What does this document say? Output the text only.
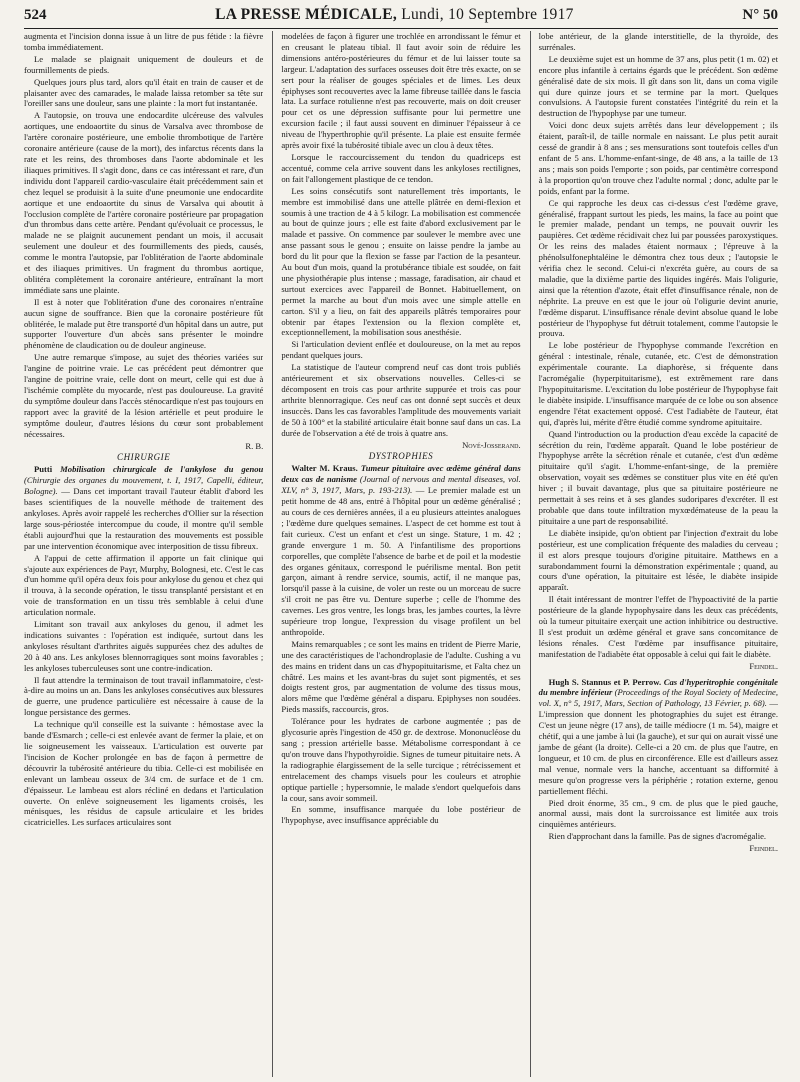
524	LA PRESSE MÉDICALE, Lundi, 10 Septembre 1917	N° 50

augmenta et l'incision donna issue à un litre de pus fétide : la fièvre tomba immédiatement.

Le malade se plaignait uniquement de douleurs et de fourmillements de pieds.

Quelques jours plus tard, alors qu'il était en train de causer et de plaisanter avec des camarades, le malade laissa retomber sa tête sur l'oreiller sans une douleur, sans une plainte : la mort fut instantanée.

A l'autopsie, on trouva une endocardite ulcéreuse des valvules aortiques, une endoaortite du sinus de Varsalva avec thrombose de l'artère coronaire postérieure, une embolie thrombotique de l'artère coronaire antérieure (cause de la mort), des infarctus récents dans la rate et les reins, des thromboses dans l'aorte abdominale et les iliaques primitives. Il s'agit donc, dans ce cas intéressant et rare, d'un individu dont l'appareil cardio-vasculaire était précédemment sain et chez lequel se produisit à la suite d'une pneumonie une endocardite aortique et une endoaortite du sinus de Varsalva qui aboutit à l'occlusion complète de l'artère coronaire postérieure par propagation d'un thrombus dans cette artère. Pendant qu'évoluait ce processus, le malade ne se plaignit aucunement pendant un mois, il accusait seulement une douleur et des fourmillements des pieds, causés, comme le montra l'autopsie, par l'oblitération de l'aorte abdominale et des iliaques primitives. Un fragment du thrombus aortique, oblitéra complètement la coronaire antérieure, entraînant la mort immédiate sans une plainte.

Il est à noter que l'oblitération d'une des coronaires n'entraîne aucun signe de souffrance. Bien que la coronaire postérieure fût oblitérée, le malade put être transporté d'un hôpital dans un autre, put supporter l'ouverture d'un abcès sans présenter le moindre phénomène de claudication ou de douleur angineuse.

Une autre remarque s'impose, au sujet des théories variées sur l'angine de poitrine vraie. Le cas précédent peut démontrer que l'angine de poitrine vraie, celle dont on meurt, celle qui est due à l'ischémie complète du myocarde, n'est pas douloureuse. La gravité du symptôme douleur dans l'accès sténocardique n'est pas toujours en rapport avec la gravité de la lésion artérielle et peut produire le symptôme douleur, d'autres lésions du cœur sont probablement nécessaires.

R. B.

CHIRURGIE

Putti Mobilisation chirurgicale de l'ankylose du genou (Chirurgie des organes du mouvement, t. I, 1917, Capelli, éditeur, Bologne). — Dans cet important travail l'auteur établit d'abord les bases scientifiques de la nouvelle méthode de traitement des ankyloses. Après avoir rappelé les recherches d'Ollier sur la résection large sous-périostée intercompue du coude, il montre qu'il semble établi aujourd'hui que la restauration des mouvements est possible par une intervention économique avec interposition de tissu fibreux.

A l'appui de cette affirmation il apporte un fait clinique qui s'ajoute aux expériences de Payr, Murphy, Bolognesi, etc. C'est le cas d'un homme qu'il opéra deux fois pour ankylose du genou et chez qui il trouva, à la seconde opération, le tissu transplanté persistant et en voie de transformation en un tissu très semblable à celui d'une articulation normale.

Limitant son travail aux ankyloses du genou, il admet les indications suivantes : l'opération est indiquée, surtout dans les ankyloses résultant d'arthrites aiguës suppurées chez des adultes de 20 à 40 ans. Les ankyloses blennorragiques sont moins favorables ; les ankyloses tuberculeuses sont une contre-indication.

Il faut attendre la terminaison de tout travail inflammatoire, c'est-à-dire au moins un an. Dans les ankyloses consécutives aux blessures de guerre, une prudence particulière est nécessaire à cause de la longue persistance des germes.

La technique qu'il conseille est la suivante : hémostase avec la bande d'Esmarch ; celle-ci est enlevée avant de fermer la plaie, et on lie soigneusement les vaisseaux. L'articulation est ouverte par l'incision de Kocher prolongée en bas de façon à permettre de découvrir la tubérosité antérieure du tibia. Celle-ci est mobilisée en enlevant un lambeau osseux de 3/4 cm. de surface et de 1 cm. d'épaisseur. Le lambeau est alors récliné en dedans et l'articulation ouverte. On enlève soigneusement les ligaments croisés, les ménisques, les résidus de capsule articulaire et les brides cicatricielles. Les surfaces articulaires sont

modelées de façon à figurer une trochlée en arrondissant le fémur et en creusant le plateau tibial. Il faut avoir soin de réduire les dimensions antéro-postérieures du fémur et de lui laisser toute sa largeur. L'adaptation des surfaces osseuses doit être très exacte, on se sert pour la réaliser de gouges spéciales et de limes. Les deux épiphyses sont recouvertes avec la lame fibreuse taillée dans le fascia lata. La surface rotulienne n'est pas recouverte, mais on doit creuser pour cet os une dépression suffisante pour lui permettre une excursion facile ; il faut aussi souvent en diminuer l'épaisseur à ce niveau de l'hyperthrophie qu'il présente. La plaie est ensuite fermée après avoir fixé la tubérosité tibiale avec un clou à deux têtes.

Lorsque le raccourcissement du tendon du quadriceps est accentué, comme cela arrive souvent dans les ankyloses rectilignes, on fait l'allongement plastique de ce tendon.

Les soins consécutifs sont naturellement très importants, le membre est immobilisé dans une attelle plâtrée en demi-flexion et soumis à une traction de 4 à 5 kilogr. La mobilisation est commencée au bout de quinze jours ; elle est faite d'abord exclusivement par le malade et passive. On commence par soulever le membre avec une anse passant sous le genou ; ensuite on laisse pendre la jambe au bord du lit pour que la flexion se fasse par l'action de la pesanteur. Au bout d'un mois, quand la protubérance tibiale est soudée, on fait une physiothérapie plus intense ; massage, faradisation, air chaud et surtout exercices avec l'appareil de Bonnet. Habituellement, on permet la marche au bout d'un mois avec une simple attelle en carton. S'il y a lieu, on fait des appareils plâtrés temporaires pour obtenir par étapes l'extension ou la flexion complète et, exceptionnellement, la mobilisation sous anesthésie.

Si l'articulation devient enflée et douloureuse, on la met au repos pendant quelques jours.

La statistique de l'auteur comprend neuf cas dont trois publiés antérieurement et six observations nouvelles. Celles-ci se décomposent en trois cas pour arthrite suppurée et trois cas pour arthrite blennorragique. Ces neuf cas ont donné sept succès et deux insuccès. Dans les cas favorables l'amplitude des mouvements variait de 50 à 100° et la stabilité articulaire était bonne sauf dans un cas. La durée de l'observation a été de trois à quatre ans.

Nové-Josserand.

DYSTROPHIES

Walter M. Kraus. Tumeur pituitaire avec œdème général dans deux cas de nanisme (Journal of nervous and mental diseases, vol. XLV, n° 3, 1917, Mars, p. 193-213). — Le premier malade est un petit homme de 48 ans, entré à l'hôpital pour un œdème généralisé ; au cours de ces dernières années, il a eu plusieurs atteintes analogues ; l'œdème dure quelques semaines. L'aspect de cet homme est tout à fait curieux. C'est un enfant et c'est un singe. Stature, 1 m. 42 ; grande envergure 1 m. 50. A l'infantilisme des proportions corporelles, que complète l'absence de barbe et de poil et la modestie des organes génitaux, correspond le puérilisme mental. Bon petit garçon, aimant à rendre service, soumis, actif, il ne manque pas, lorsqu'il passe à la cuisine, de voler un reste ou un morceau de sucre s'il croit ne pas être vu. Denture superbe ; celle de l'homme des cavernes. Les gros ventre, les longs bras, les jambes courtes, la lèvre supérieure trop longue, l'expression du visage profilent un bel anthropoïde.

Mains remarquables ; ce sont les mains en trident de Pierre Marie, une des caractéristiques de l'achondroplasie de l'adulte. Cushing a vu des mains en trident dans un cas d'hypopituitarisme, et Falta chez un châtré. Les mains et les avant-bras du sujet sont pigmentés, et ses doigts restent gros, par augmentation de volume des tissus mous, alors même que l'œdème général a disparu. Epiphyses non soudées. Pieds massifs, raccourcis, gros.

Tolérance pour les hydrates de carbone augmentée ; pas de glycosurie après l'ingestion de 450 gr. de dextrose. Mononucléose du sang ; pression artérielle basse. Métabolisme correspondant à ce qu'on trouve dans l'hypothyroïdie. Signes de tumeur pituitaire nets. A la radiographie élargissement de la selle turcique ; rétrécissement et entrelacement des champs visuels pour les couleurs et atrophie optique partielle ; hypersomnie, le malade s'endort quelquefois dans la cour, sans avoir sommeil.

En somme, insuffisance marquée du lobe postérieur de l'hypophyse, avec insuffisance appréciable du

lobe antérieur, de la glande interstitielle, de la thyroïde, des surrénales.

Le deuxième sujet est un homme de 37 ans, plus petit (1 m. 02) et encore plus infantile à certains égards que le précédent. Son œdème généralisé date de six mois. Il gît dans son lit, dans un coma vigile qui dure quinze jours et se termine par la mort. Quelques convulsions. A l'autopsie furent constatées l'intégrité du rein et la destruction de l'hypophyse par une tumeur.

Voici donc deux sujets arrêtés dans leur développement ; ils étaient, paraît-il, de taille normale en naissant. Le plus petit aurait cessé de grandir à 8 ans ; ses mensurations sont toutefois celles d'un enfant de 5 ans. L'homme-enfant-singe, de 48 ans, a la taille de 13 ans ; mais son poids l'emporte ; son poids, par centimètre correspond à la proportion qu'on trouve chez l'adulte normal ; donc, adulte par le poids, enfant par la forme.

Ce qui rapproche les deux cas ci-dessus c'est l'œdème grave, généralisé, frappant surtout les pieds, les mains, la face au point que le premier malade, pendant un temps, ne pouvait ouvrir les paupières. Cet œdème récidivait chez lui par poussées paroxystiques. Or les reins des malades étaient normaux ; l'épreuve à la phénolsulfonephtaléine le démontra chez tous deux ; l'autopsie le vérifia chez le second. Celui-ci n'excréta guère, au cours de sa maladie, que la dixième partie des liquides ingérés. Mais l'oligurie, ainsi que la rétention d'azote, était effet d'insuffisance rénale, non de néphrite. La preuve en est que le jour où l'oligurie devint anurie, l'œdème disparut. L'insuffisance rénale devint absolue quand le lobe postérieur de l'hypophyse fut détruit totalement, comme l'autopsie le prouva.

Le lobe postérieur de l'hypophyse commande l'excrétion en général : intestinale, rénale, cutanée, etc. C'est de démonstration expérimentale courante. La diaphorèse, si fréquente dans l'acromégalie (hyperpituitarisme), est extrêmement rare dans l'hypopituitarisme. L'excitation du lobe postérieur de l'hypophyse fait le diabète insipide. L'insuffisance marquée de ce lobe ou son absence engendre l'état exactement opposé. C'est l'adiabète de l'auteur, état qui, d'après lui, mérite d'être étudié comme syndrome apituitaire.

Quand l'introduction ou la production d'eau excède la capacité de sécrétion du rein, l'œdème apparaît. Quand le lobe postérieur de l'hypophyse arrête la sécrétion rénale et cutanée, c'est d'un œdème pituitaire qu'il s'agit. L'homme-enfant-singe, de la première observation, voyait ses œdèmes se constituer plus vite en été qu'en hiver ; il buvait davantage, plus que sa pituitaire postérieure ne permettait à ses reins et à ses glandes sudoripares d'excréter. Il est probable que dans toute infiltration myxœdémateuse de la peau la pituitaire a une part de responsabilité.

Le diabète insipide, qu'on obtient par l'injection d'extrait du lobe postérieur, est une complication fréquente des maladies du cerveau ; il est alors presque toujours d'origine pituitaire. Matthews en a surabondamment fourni la démonstration expérimentale ; quand, au cours d'une opération, la pituitaire est lésée, le diabète insipide apparaît.

Il était intéressant de montrer l'effet de l'hypoactivité de la partie postérieure de la glande hypophysaire dans les deux cas précédents, où la tumeur pituitaire exerçait une action inhibitrice ou destructive. Il s'est produit un œdème général et grave sans concomitance de lésions rénales. C'est l'œdème par insuffisance pituitaire, manifestation de l'adiabète état opposable à celui qui fait le diabète.

Feindel.

Hugh S. Stannus et P. Perrow. Cas d'hyperitrophie congénitale du membre inférieur (Proceedings of the Royal Society of Medecine, vol. X, n° 5, 1917, Mars, Section of Pathology, 13 Février, p. 68). — L'impression que donnent les photographies du sujet est étrange. C'est un jeune nègre (17 ans), de taille médiocre (1 m. 54), maigre et chétif, qui a une jambe à lui (la gauche), et sur qui on aurait vissé une jambe de géant (la droite). Celle-ci a 20 cm. de plus que l'autre, en longueur, et 10 cm. de plus en circonférence. Elle est d'ailleurs assez mal venue, normale vers la hanche, accentuant sa difformité à mesure qu'on progresse vers la périphérie ; rotation externe, genou partiellement fléchi.

Pied droit énorme, 35 cm., 9 cm. de plus que le pied gauche, anormal aussi, mais dont la surcroissance est limitée aux trois cinquièmes antérieurs.

Rien d'approchant dans la famille. Pas de signes d'acromégalie.

Feindel.
